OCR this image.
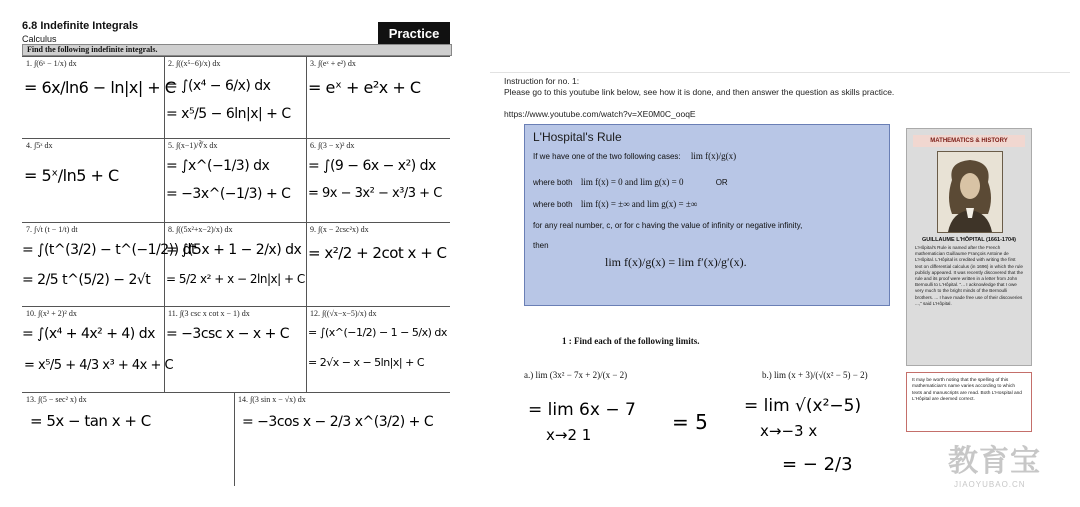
6.8 Indefinite Integrals
Calculus	Practice
Find the following indefinite integrals.
1. ∫(6ˣ − 1/x) dx
= 6x/ln6 − ln|x| + C
2. ∫((x⁵−6)/x) dx
= ∫(x⁴ − 6/x) dx
= x⁵/5 − 6ln|x| + C
3. ∫(eˣ + e²) dx
= eˣ + e²x + C
4. ∫5ˣ dx
= 5ˣ/ln5 + C
5. ∫(x−1)/∛x dx
= ∫x^(−1/3) dx
= −3x^(−1/3) + C
6. ∫(3 − x)² dx
= ∫(9 − 6x − x²) dx
= 9x − 3x² − x³/3 + C
7. ∫√t (t − 1/t) dt
= ∫(t^(3/2) − t^(−1/2)) dt
= 2/5 t^(5/2) − 2√t
8. ∫((5x²+x−2)/x) dx
= ∫(5x + 1 − 2/x) dx
= 5/2 x² + x − 2ln|x| + C
9. ∫(x − 2csc²x) dx
= x²/2 + 2cot x + C
10. ∫(x² + 2)² dx
= ∫(x⁴ + 4x² + 4) dx
= x⁵/5 + 4/3 x³ + 4x + C
11. ∫(3 csc x cot x − 1) dx
= −3csc x − x + C
12. ∫((√x−x−5)/x) dx
= ∫(x^(−1/2) − 1 − 5/x) dx
= 2√x − x − 5ln|x| + C
13. ∫(5 − sec² x) dx
= 5x − tan x + C
14. ∫(3 sin x − √x) dx
= −3cos x − 2/3 x^(3/2) + C
Instruction for no. 1:
Please go to this youtube link below, see how it is done, and then answer the question as skills practice.
https://www.youtube.com/watch?v=XE0M0C_ooqE
L'Hospital's Rule
If we have one of the two following cases: lim f(x)/g(x)
where both lim f(x) = 0 and lim g(x) = 0	OR
where both lim f(x) = ±∞ and lim g(x) = ±∞
for any real number, c, or for c having the value of infinity or negative infinity,
then
lim f(x)/g(x) = lim f′(x)/g′(x).
MATHEMATICS & HISTORY
GUILLAUME L'HÔPITAL (1661-1704)
L'Hôpital's Rule is named after the French mathematician Guillaume François Antoine de L'Hôpital. L'Hôpital is credited with writing the first text on differential calculus (in 1696) in which the rule publicly appeared. It was recently discovered that the rule and its proof were written in a letter from John Bernoulli to L'Hôpital. "... I acknowledge that I owe very much to the bright minds of the Bernoulli brothers. ... I have made free use of their discoveries ...," said L'Hôpital.
It may be worth noting that the spelling of this mathematician's name varies according to which texts and manuscripts are read. Both L'Hospital and L'Hôpital are deemed correct.
1 : Find each of the following limits.
a.) lim (3x² − 7x + 2)/(x − 2)	b.) lim (x + 3)/(√(x² − 5) − 2)
= lim 6x − 7
x→2 1
= 5
= lim √(x²−5)
x→−3 x
= − 2/3	教育宝
JIAOYUBAO.CN
